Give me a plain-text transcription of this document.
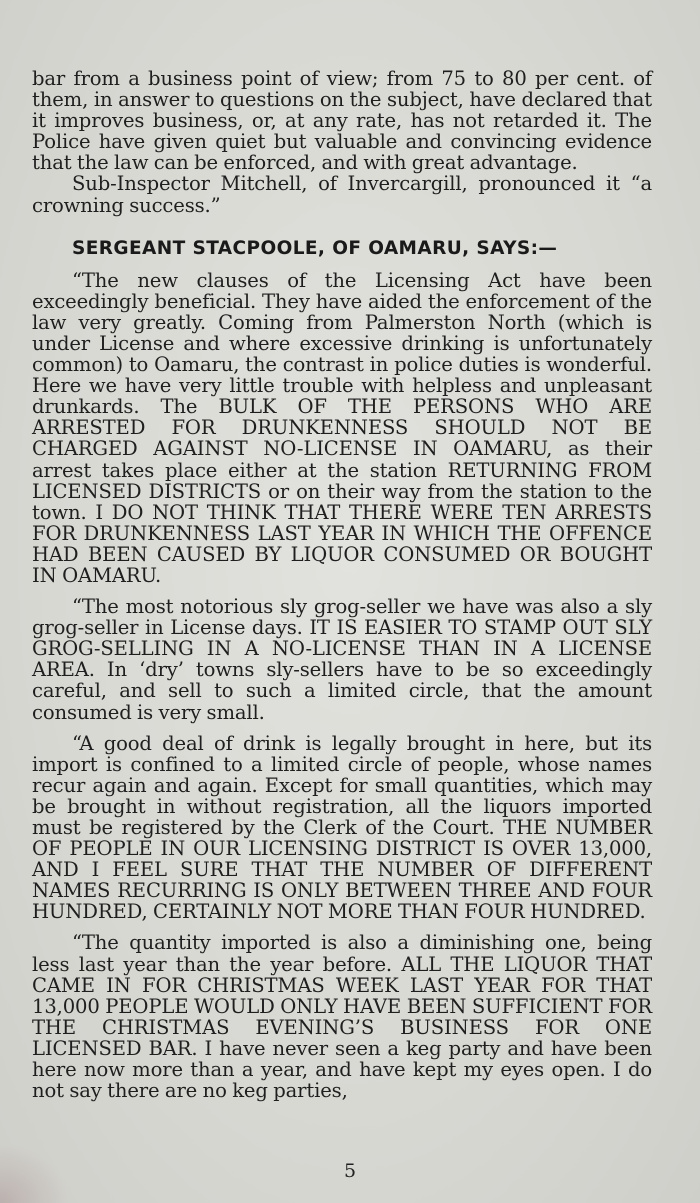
bar from a business point of view; from 75 to 80 per cent. of them, in answer to questions on the subject, have declared that it improves business, or, at any rate, has not retarded it. The Police have given quiet but valuable and convincing evidence that the law can be enforced, and with great advantage.

Sub-Inspector Mitchell, of Invercargill, pronounced it “a crowning success.”

SERGEANT STACPOOLE, OF OAMARU, SAYS:—

“The new clauses of the Licensing Act have been exceedingly beneficial. They have aided the enforcement of the law very greatly. Coming from Palmerston North (which is under License and where excessive drinking is unfortunately common) to Oamaru, the contrast in police duties is wonderful. Here we have very little trouble with helpless and unpleasant drunkards. The BULK OF THE PERSONS WHO ARE ARRESTED FOR DRUNKENNESS SHOULD NOT BE CHARGED AGAINST NO-LICENSE IN OAMARU, as their arrest takes place either at the station RETURNING FROM LICENSED DISTRICTS or on their way from the station to the town. I DO NOT THINK THAT THERE WERE TEN ARRESTS FOR DRUNKENNESS LAST YEAR IN WHICH THE OFFENCE HAD BEEN CAUSED BY LIQUOR CONSUMED OR BOUGHT IN OAMARU.

“The most notorious sly grog-seller we have was also a sly grog-seller in License days. IT IS EASIER TO STAMP OUT SLY GROG-SELLING IN A NO-LICENSE THAN IN A LICENSE AREA. In ‘dry’ towns sly-sellers have to be so exceedingly careful, and sell to such a limited circle, that the amount consumed is very small.

“A good deal of drink is legally brought in here, but its import is confined to a limited circle of people, whose names recur again and again. Except for small quantities, which may be brought in without registration, all the liquors imported must be registered by the Clerk of the Court. THE NUMBER OF PEOPLE IN OUR LICENSING DISTRICT IS OVER 13,000, AND I FEEL SURE THAT THE NUMBER OF DIFFERENT NAMES RECURRING IS ONLY BETWEEN THREE AND FOUR HUNDRED, CERTAINLY NOT MORE THAN FOUR HUNDRED.

“The quantity imported is also a diminishing one, being less last year than the year before. ALL THE LIQUOR THAT CAME IN FOR CHRISTMAS WEEK LAST YEAR FOR THAT 13,000 PEOPLE WOULD ONLY HAVE BEEN SUFFICIENT FOR THE CHRISTMAS EVENING’S BUSINESS FOR ONE LICENSED BAR. I have never seen a keg party and have been here now more than a year, and have kept my eyes open. I do not say there are no keg parties,

5
